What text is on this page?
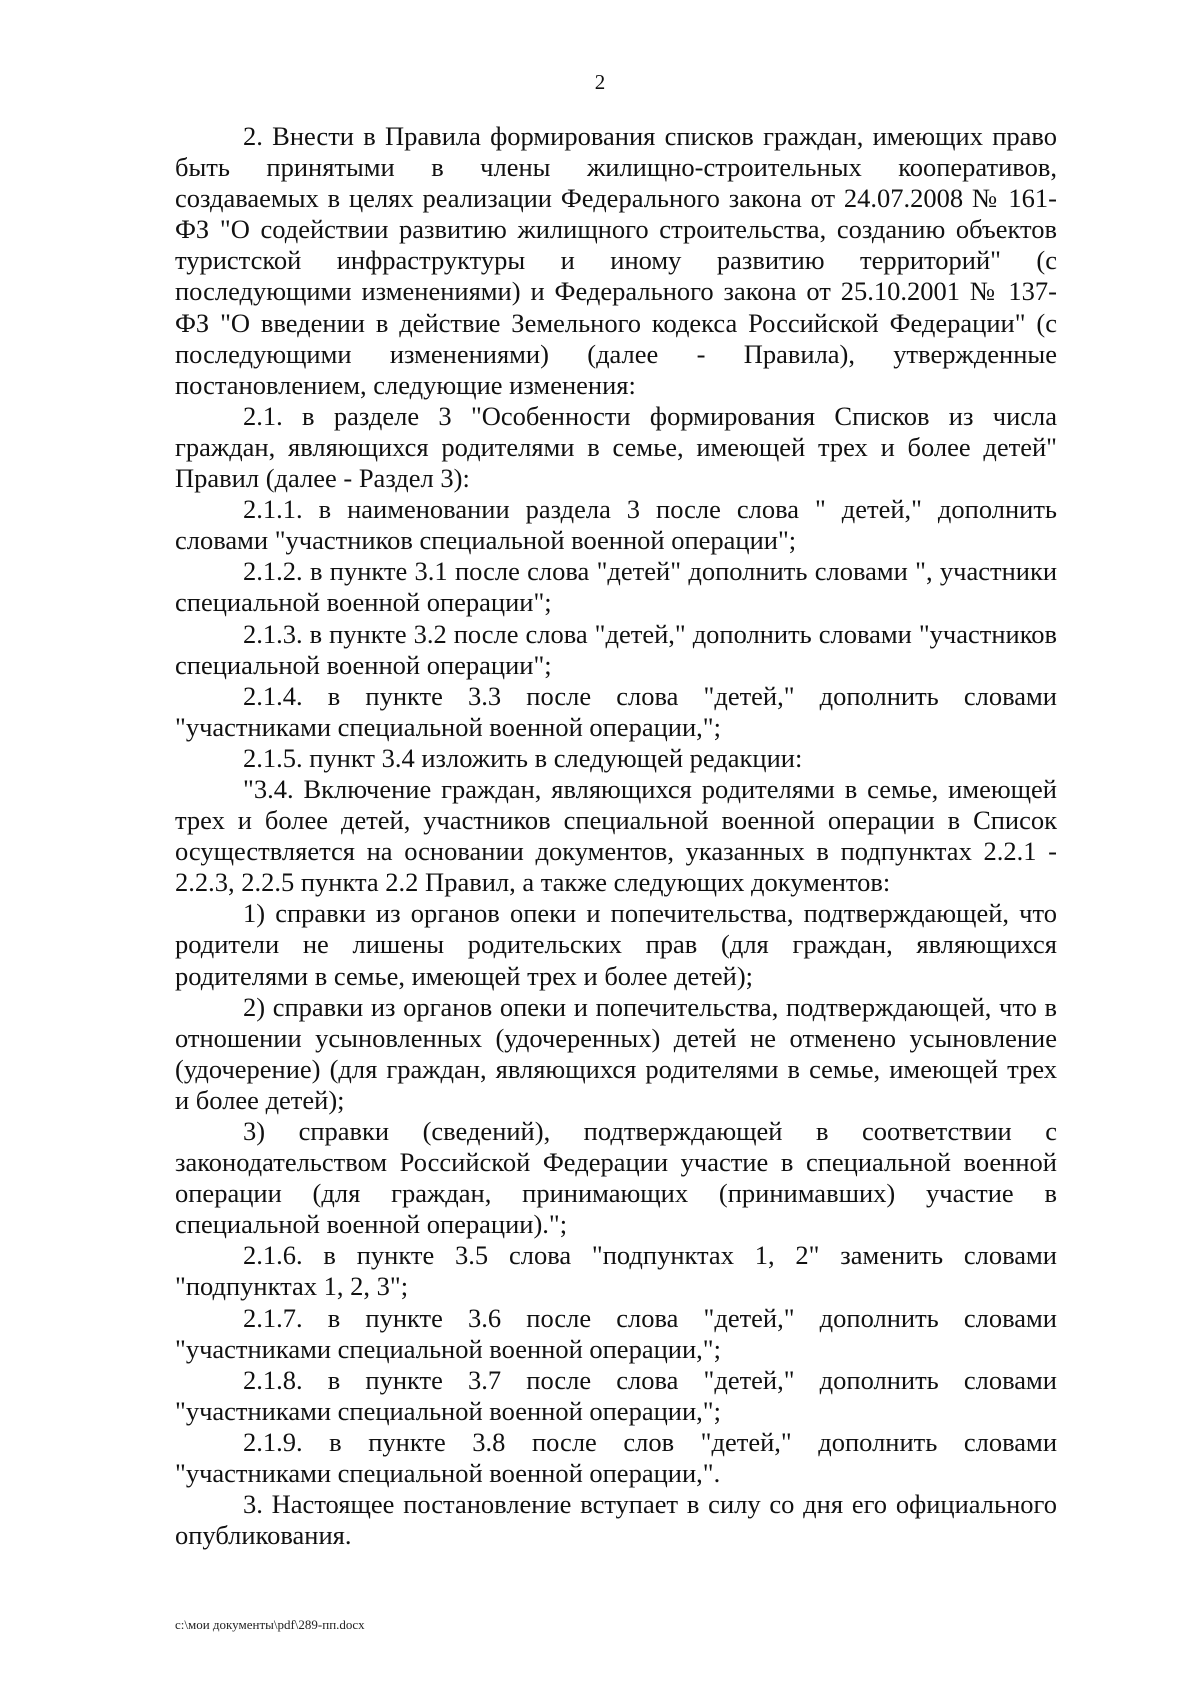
2

2. Внести в Правила формирования списков граждан, имеющих право быть принятыми в члены жилищно-строительных кооперативов, создаваемых в целях реализации Федерального закона от 24.07.2008 № 161-ФЗ "О содействии развитию жилищного строительства, созданию объектов туристской инфраструктуры и иному развитию территорий" (с последующими изменениями) и Федерального закона от 25.10.2001 № 137-ФЗ "О введении в действие Земельного кодекса Российской Федерации" (с последующими изменениями) (далее - Правила), утвержденные постановлением, следующие изменения:

2.1. в разделе 3 "Особенности формирования Списков из числа граждан, являющихся родителями в семье, имеющей трех и более детей" Правил (далее - Раздел 3):

2.1.1. в наименовании раздела 3 после слова " детей," дополнить словами "участников специальной военной операции";

2.1.2. в пункте 3.1 после слова "детей" дополнить словами ", участники специальной военной операции";

2.1.3. в пункте 3.2 после слова "детей," дополнить словами "участников специальной военной операции";

2.1.4. в пункте 3.3 после слова "детей," дополнить словами "участниками специальной военной операции,";

2.1.5. пункт 3.4 изложить в следующей редакции:

"3.4. Включение граждан, являющихся родителями в семье, имеющей трех и более детей, участников специальной военной операции в Список осуществляется на основании документов, указанных в подпунктах 2.2.1 - 2.2.3, 2.2.5 пункта 2.2 Правил, а также следующих документов:

1) справки из органов опеки и попечительства, подтверждающей, что родители не лишены родительских прав (для граждан, являющихся родителями в семье, имеющей трех и более детей);

2) справки из органов опеки и попечительства, подтверждающей, что в отношении усыновленных (удочеренных) детей не отменено усыновление (удочерение) (для граждан, являющихся родителями в семье, имеющей трех и более детей);

3) справки (сведений), подтверждающей в соответствии с законодательством Российской Федерации участие в специальной военной операции (для граждан, принимающих (принимавших) участие в специальной военной операции).";

2.1.6. в пункте 3.5 слова "подпунктах 1, 2" заменить словами "подпунктах 1, 2, 3";

2.1.7. в пункте 3.6 после слова "детей," дополнить словами "участниками специальной военной операции,";

2.1.8. в пункте 3.7 после слова "детей," дополнить словами "участниками специальной военной операции,";

2.1.9. в пункте 3.8 после слов "детей," дополнить словами "участниками специальной военной операции,".

3. Настоящее постановление вступает в силу со дня его официального опубликования.

c:\мои документы\pdf\289-пп.docx
